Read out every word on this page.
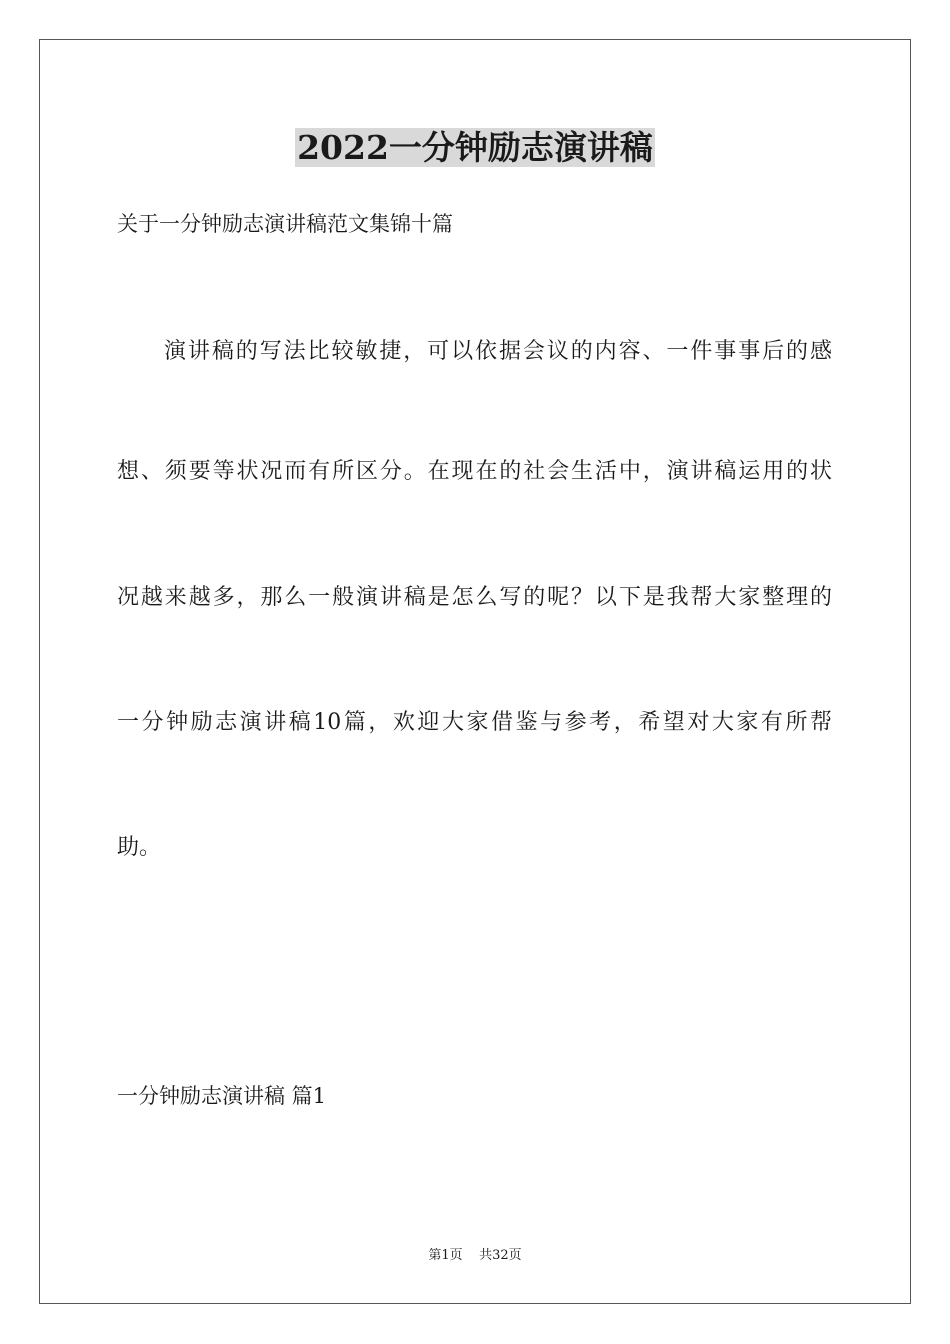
2022一分钟励志演讲稿
关于一分钟励志演讲稿范文集锦十篇
演讲稿的写法比较敏捷，可以依据会议的内容、一件事事后的感
想、须要等状况而有所区分。在现在的社会生活中，演讲稿运用的状
况越来越多，那么一般演讲稿是怎么写的呢？以下是我帮大家整理的
一分钟励志演讲稿10篇，欢迎大家借鉴与参考，希望对大家有所帮
助。
一分钟励志演讲稿 篇1
第1页    共32页
